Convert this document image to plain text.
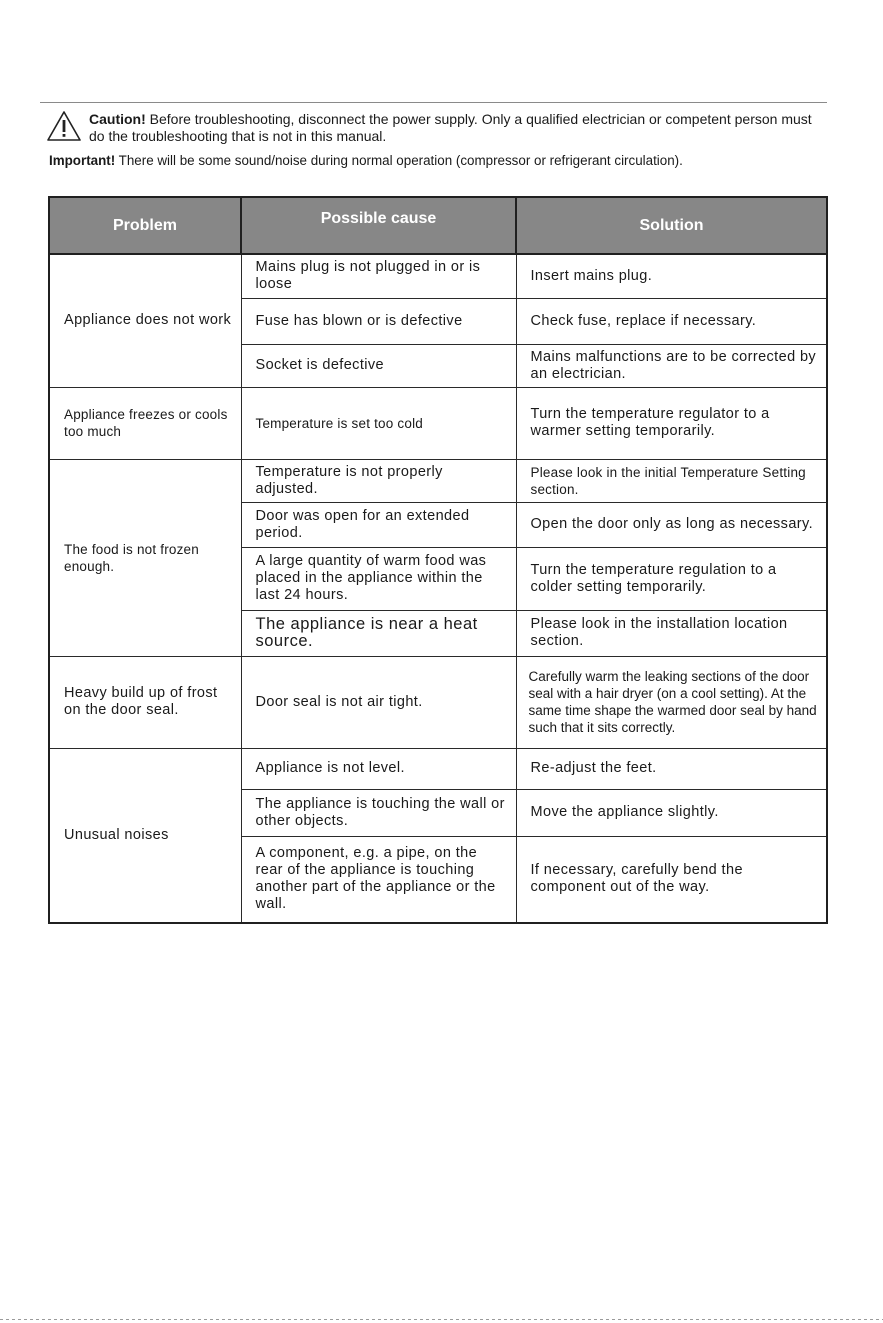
Caution! Before troubleshooting, disconnect the power supply. Only a qualified electrician or competent person must do the troubleshooting that is not in this manual.
Important! There will be some sound/noise during normal operation (compressor or refrigerant circulation).
Problem	Possible cause	Solution
Appliance does not work	Mains plug is not plugged in or is loose	Insert mains plug.
	Fuse has blown or is defective	Check fuse, replace if necessary.
	Socket is defective	Mains malfunctions are to be corrected by an electrician.
Appliance freezes or cools too much	Temperature is set too cold	Turn the temperature regulator to a warmer setting temporarily.
The food is not frozen enough.	Temperature is not properly adjusted.	Please look in the initial Temperature Setting section.
	Door was open for an extended period.	Open the door only as long as necessary.
	A large quantity of warm food was placed in the appliance within the last 24 hours.	Turn the temperature regulation to a colder setting temporarily.
	The appliance is near a heat source.	Please look in the installation location section.
Heavy build up of frost on the door seal.	Door seal is not air tight.	Carefully warm the leaking sections of the door seal with a hair dryer (on a cool setting). At the same time shape the warmed door seal by hand such that it sits correctly.
Unusual noises	Appliance is not level.	Re-adjust the feet.
	The appliance is touching the wall or other objects.	Move the appliance slightly.
	A component, e.g. a pipe, on the rear of the appliance is touching another part of the appliance or the wall.	If necessary, carefully bend the component out of the way.
